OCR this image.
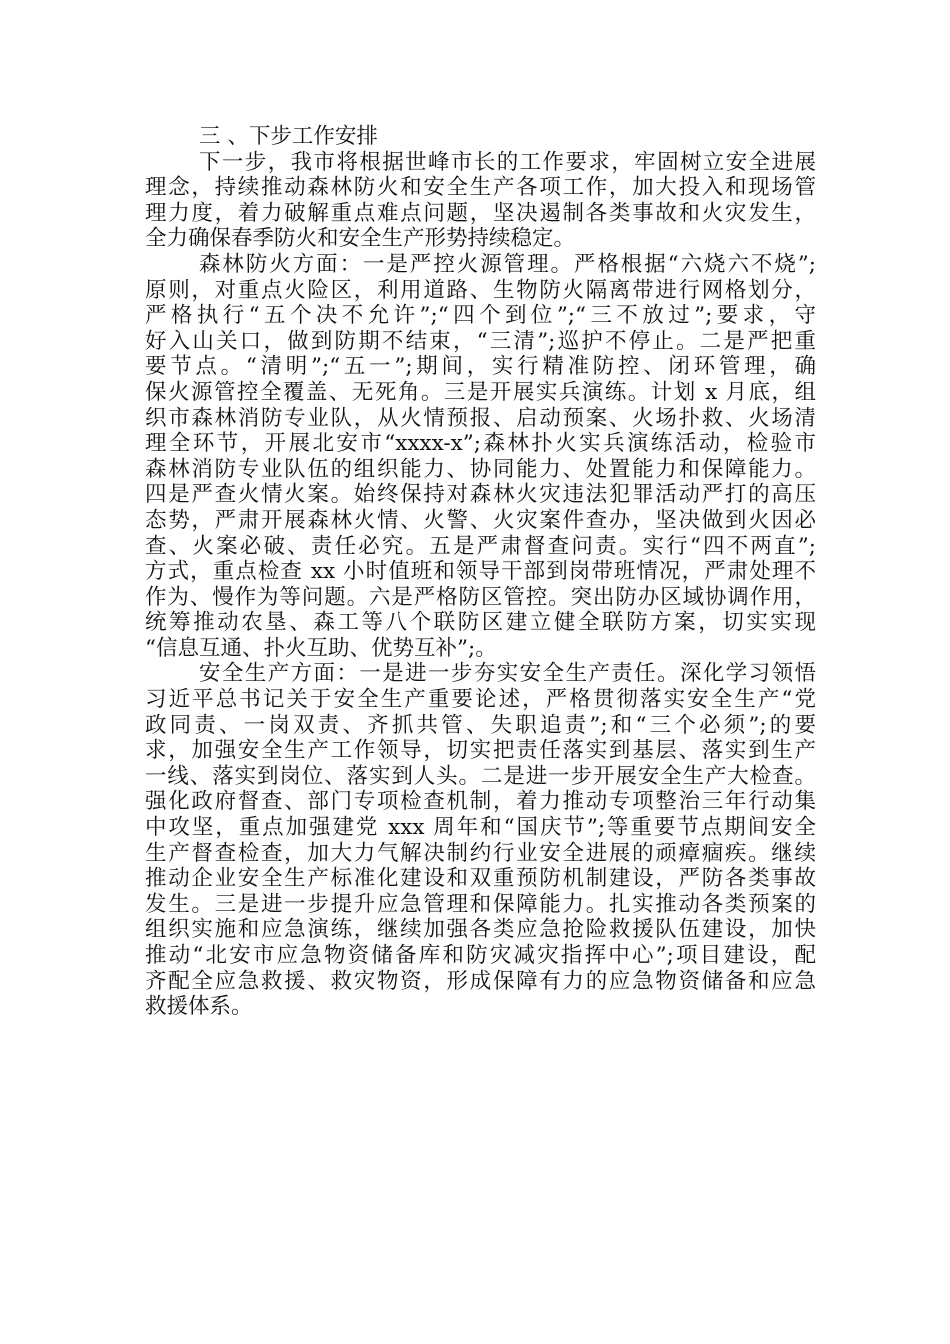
三 、下步工作安排
下一步，我市将根据世峰市长的工作要求，牢固树立安全进展
理念，持续推动森林防火和安全生产各项工作，加大投入和现场管
理力度，着力破解重点难点问题，坚决遏制各类事故和火灾发生，
全力确保春季防火和安全生产形势持续稳定。
森林防火方面：一是严控火源管理。严格根据“六烧六不烧”;
原则，对重点火险区，利用道路、生物防火隔离带进行网格划分，
严格执行“五个决不允许”;“四个到位”;“三不放过”;要求，守
好入山关口，做到防期不结束，“三清”;巡护不停止。二是严把重
要节点。“清明”;“五一”;期间，实行精准防控、闭环管理，确
保火源管控全覆盖、无死角。三是开展实兵演练。计划 x 月底，组
织市森林消防专业队，从火情预报、启动预案、火场扑救、火场清
理全环节，开展北安市“xxxx-x”;森林扑火实兵演练活动，检验市
森林消防专业队伍的组织能力、协同能力、处置能力和保障能力。
四是严查火情火案。始终保持对森林火灾违法犯罪活动严打的高压
态势，严肃开展森林火情、火警、火灾案件查办，坚决做到火因必
查、火案必破、责任必究。五是严肃督查问责。实行“四不两直”;
方式，重点检查 xx 小时值班和领导干部到岗带班情况，严肃处理不
作为、慢作为等问题。六是严格防区管控。突出防办区域协调作用，
统筹推动农垦、森工等八个联防区建立健全联防方案，切实实现
“信息互通、扑火互助、优势互补”;。
安全生产方面：一是进一步夯实安全生产责任。深化学习领悟
习近平总书记关于安全生产重要论述，严格贯彻落实安全生产“党
政同责、一岗双责、齐抓共管、失职追责”;和“三个必须”;的要
求，加强安全生产工作领导，切实把责任落实到基层、落实到生产
一线、落实到岗位、落实到人头。二是进一步开展安全生产大检查。
强化政府督查、部门专项检查机制，着力推动专项整治三年行动集
中攻坚，重点加强建党 xxx 周年和“国庆节”;等重要节点期间安全
生产督查检查，加大力气解决制约行业安全进展的顽瘴痼疾。继续
推动企业安全生产标准化建设和双重预防机制建设，严防各类事故
发生。三是进一步提升应急管理和保障能力。扎实推动各类预案的
组织实施和应急演练，继续加强各类应急抢险救援队伍建设，加快
推动“北安市应急物资储备库和防灾减灾指挥中心”;项目建设，配
齐配全应急救援、救灾物资，形成保障有力的应急物资储备和应急
救援体系。
